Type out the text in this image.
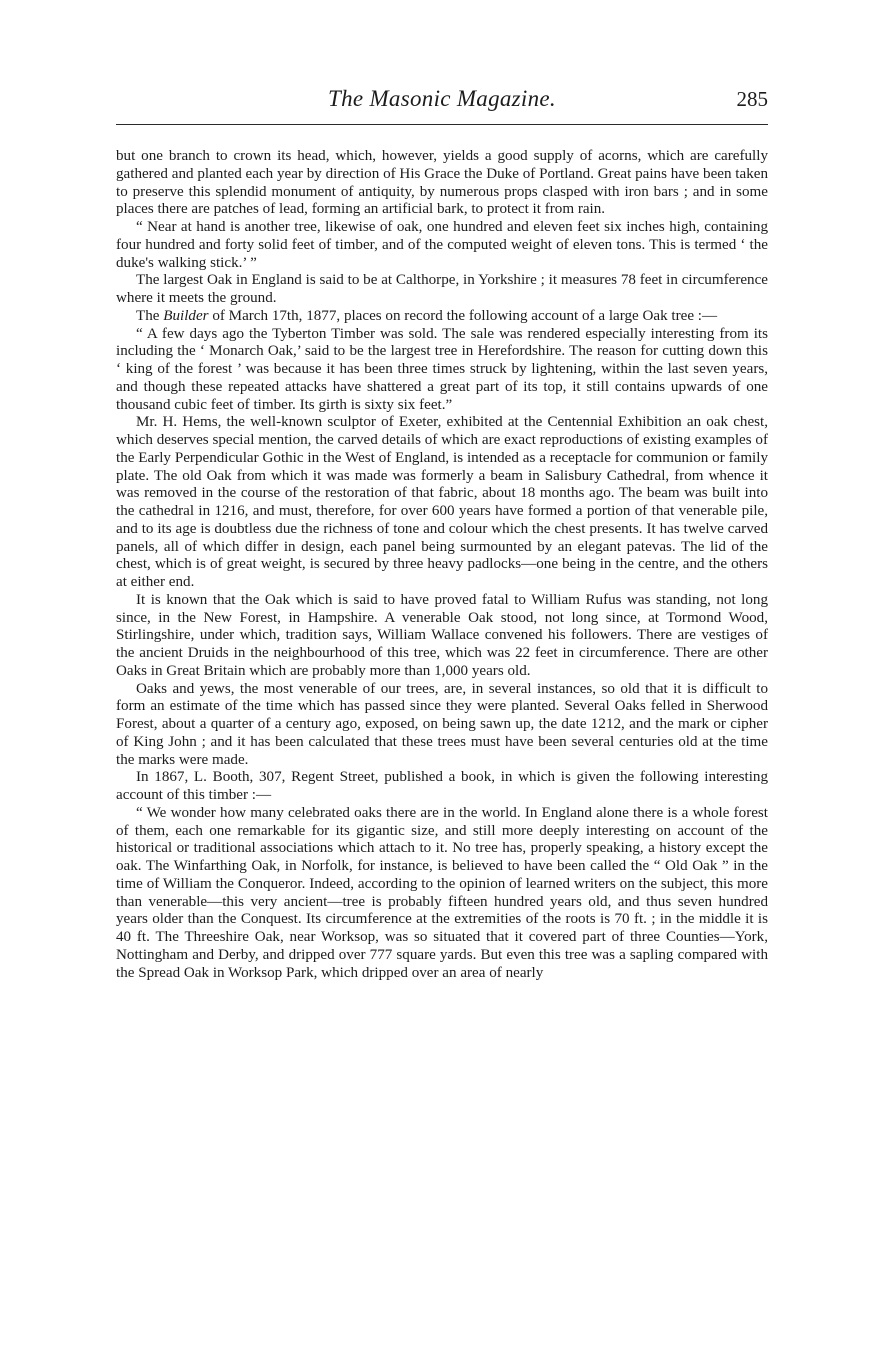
The Masonic Magazine.	285

but one branch to crown its head, which, however, yields a good supply of acorns, which are carefully gathered and planted each year by direction of His Grace the Duke of Portland. Great pains have been taken to preserve this splendid monument of antiquity, by numerous props clasped with iron bars ; and in some places there are patches of lead, forming an artificial bark, to protect it from rain.

“ Near at hand is another tree, likewise of oak, one hundred and eleven feet six inches high, containing four hundred and forty solid feet of timber, and of the computed weight of eleven tons. This is termed ‘ the duke's walking stick.’ ”

The largest Oak in England is said to be at Calthorpe, in Yorkshire ; it measures 78 feet in circumference where it meets the ground.

The Builder of March 17th, 1877, places on record the following account of a large Oak tree :—

“ A few days ago the Tyberton Timber was sold. The sale was rendered especially interesting from its including the ‘ Monarch Oak,’ said to be the largest tree in Herefordshire. The reason for cutting down this ‘ king of the forest ’ was because it has been three times struck by lightening, within the last seven years, and though these repeated attacks have shattered a great part of its top, it still contains upwards of one thousand cubic feet of timber. Its girth is sixty six feet.”

Mr. H. Hems, the well-known sculptor of Exeter, exhibited at the Centennial Exhibition an oak chest, which deserves special mention, the carved details of which are exact reproductions of existing examples of the Early Perpendicular Gothic in the West of England, is intended as a receptacle for communion or family plate. The old Oak from which it was made was formerly a beam in Salisbury Cathedral, from whence it was removed in the course of the restoration of that fabric, about 18 months ago. The beam was built into the cathedral in 1216, and must, therefore, for over 600 years have formed a portion of that venerable pile, and to its age is doubtless due the richness of tone and colour which the chest presents. It has twelve carved panels, all of which differ in design, each panel being surmounted by an elegant patevas. The lid of the chest, which is of great weight, is secured by three heavy padlocks—one being in the centre, and the others at either end.

It is known that the Oak which is said to have proved fatal to William Rufus was standing, not long since, in the New Forest, in Hampshire. A venerable Oak stood, not long since, at Tormond Wood, Stirlingshire, under which, tradition says, William Wallace convened his followers. There are vestiges of the ancient Druids in the neighbourhood of this tree, which was 22 feet in circumference. There are other Oaks in Great Britain which are probably more than 1,000 years old.

Oaks and yews, the most venerable of our trees, are, in several instances, so old that it is difficult to form an estimate of the time which has passed since they were planted. Several Oaks felled in Sherwood Forest, about a quarter of a century ago, exposed, on being sawn up, the date 1212, and the mark or cipher of King John ; and it has been calculated that these trees must have been several centuries old at the time the marks were made.

In 1867, L. Booth, 307, Regent Street, published a book, in which is given the following interesting account of this timber :—

“ We wonder how many celebrated oaks there are in the world. In England alone there is a whole forest of them, each one remarkable for its gigantic size, and still more deeply interesting on account of the historical or traditional associations which attach to it. No tree has, properly speaking, a history except the oak. The Winfarthing Oak, in Norfolk, for instance, is believed to have been called the “ Old Oak ” in the time of William the Conqueror. Indeed, according to the opinion of learned writers on the subject, this more than venerable—this very ancient—tree is probably fifteen hundred years old, and thus seven hundred years older than the Conquest. Its circumference at the extremities of the roots is 70 ft. ; in the middle it is 40 ft. The Threeshire Oak, near Worksop, was so situated that it covered part of three Counties—York, Nottingham and Derby, and dripped over 777 square yards. But even this tree was a sapling compared with the Spread Oak in Worksop Park, which dripped over an area of nearly
